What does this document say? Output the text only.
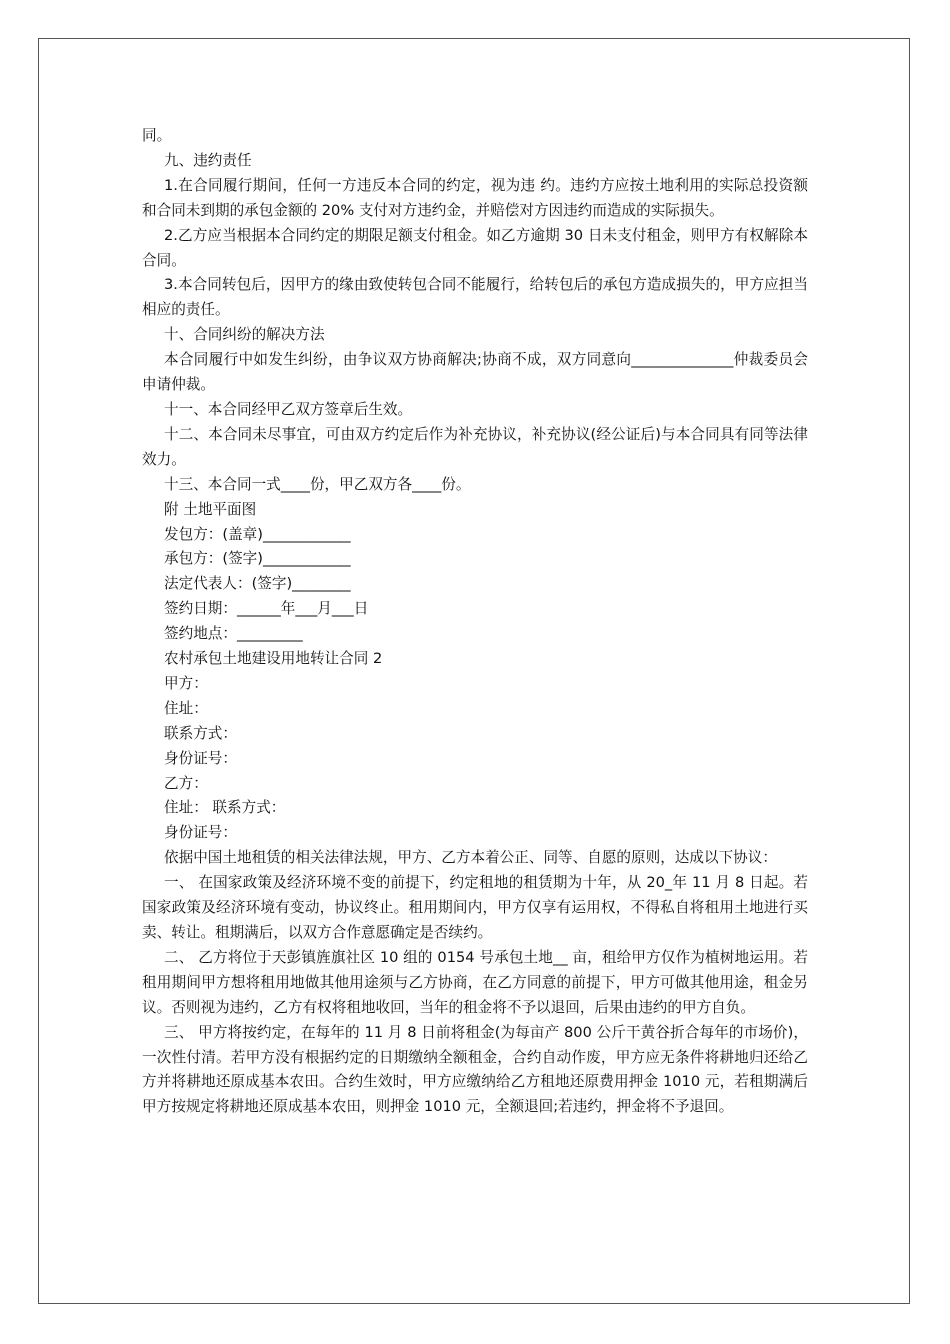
同。

九、违约责任

1.在合同履行期间，任何一方违反本合同的约定，视为违 约。违约方应按土地利用的实际总投资额和合同未到期的承包金额的 20% 支付对方违约金，并赔偿对方因违约而造成的实际损失。

2.乙方应当根据本合同约定的期限足额支付租金。如乙方逾期 30 日未支付租金，则甲方有权解除本合同。

3.本合同转包后，因甲方的缘由致使转包合同不能履行，给转包后的承包方造成损失的，甲方应担当相应的责任。

十、合同纠纷的解决方法

本合同履行中如发生纠纷，由争议双方协商解决;协商不成，双方同意向______________仲裁委员会申请仲裁。

十一、本合同经甲乙双方签章后生效。

十二、本合同未尽事宜，可由双方约定后作为补充协议，补充协议(经公证后)与本合同具有同等法律效力。

十三、本合同一式____份，甲乙双方各____份。

附 土地平面图

发包方：(盖章)____________

承包方：(签字)____________

法定代表人：(签字)________

签约日期：______年___月___日

签约地点：_________

农村承包土地建设用地转让合同 2

甲方：

住址：

联系方式：

身份证号：

乙方：

住址： 联系方式：

身份证号：

依据中国土地租赁的相关法律法规，甲方、乙方本着公正、同等、自愿的原则，达成以下协议：

一、 在国家政策及经济环境不变的前提下，约定租地的租赁期为十年，从 20_年 11 月 8 日起。若国家政策及经济环境有变动，协议终止。租用期间内，甲方仅享有运用权，不得私自将租用土地进行买卖、转让。租期满后，以双方合作意愿确定是否续约。

二、 乙方将位于天彭镇旌旗社区 10 组的 0154 号承包土地__ 亩，租给甲方仅作为植树地运用。若租用期间甲方想将租用地做其他用途须与乙方协商，在乙方同意的前提下，甲方可做其他用途，租金另议。否则视为违约，乙方有权将租地收回，当年的租金将不予以退回，后果由违约的甲方自负。

三、 甲方将按约定，在每年的 11 月 8 日前将租金(为每亩产 800 公斤干黄谷折合每年的市场价)，一次性付清。若甲方没有根据约定的日期缴纳全额租金，合约自动作废，甲方应无条件将耕地归还给乙方并将耕地还原成基本农田。合约生效时，甲方应缴纳给乙方租地还原费用押金 1010 元，若租期满后甲方按规定将耕地还原成基本农田，则押金 1010 元，全额退回;若违约，押金将不予退回。
